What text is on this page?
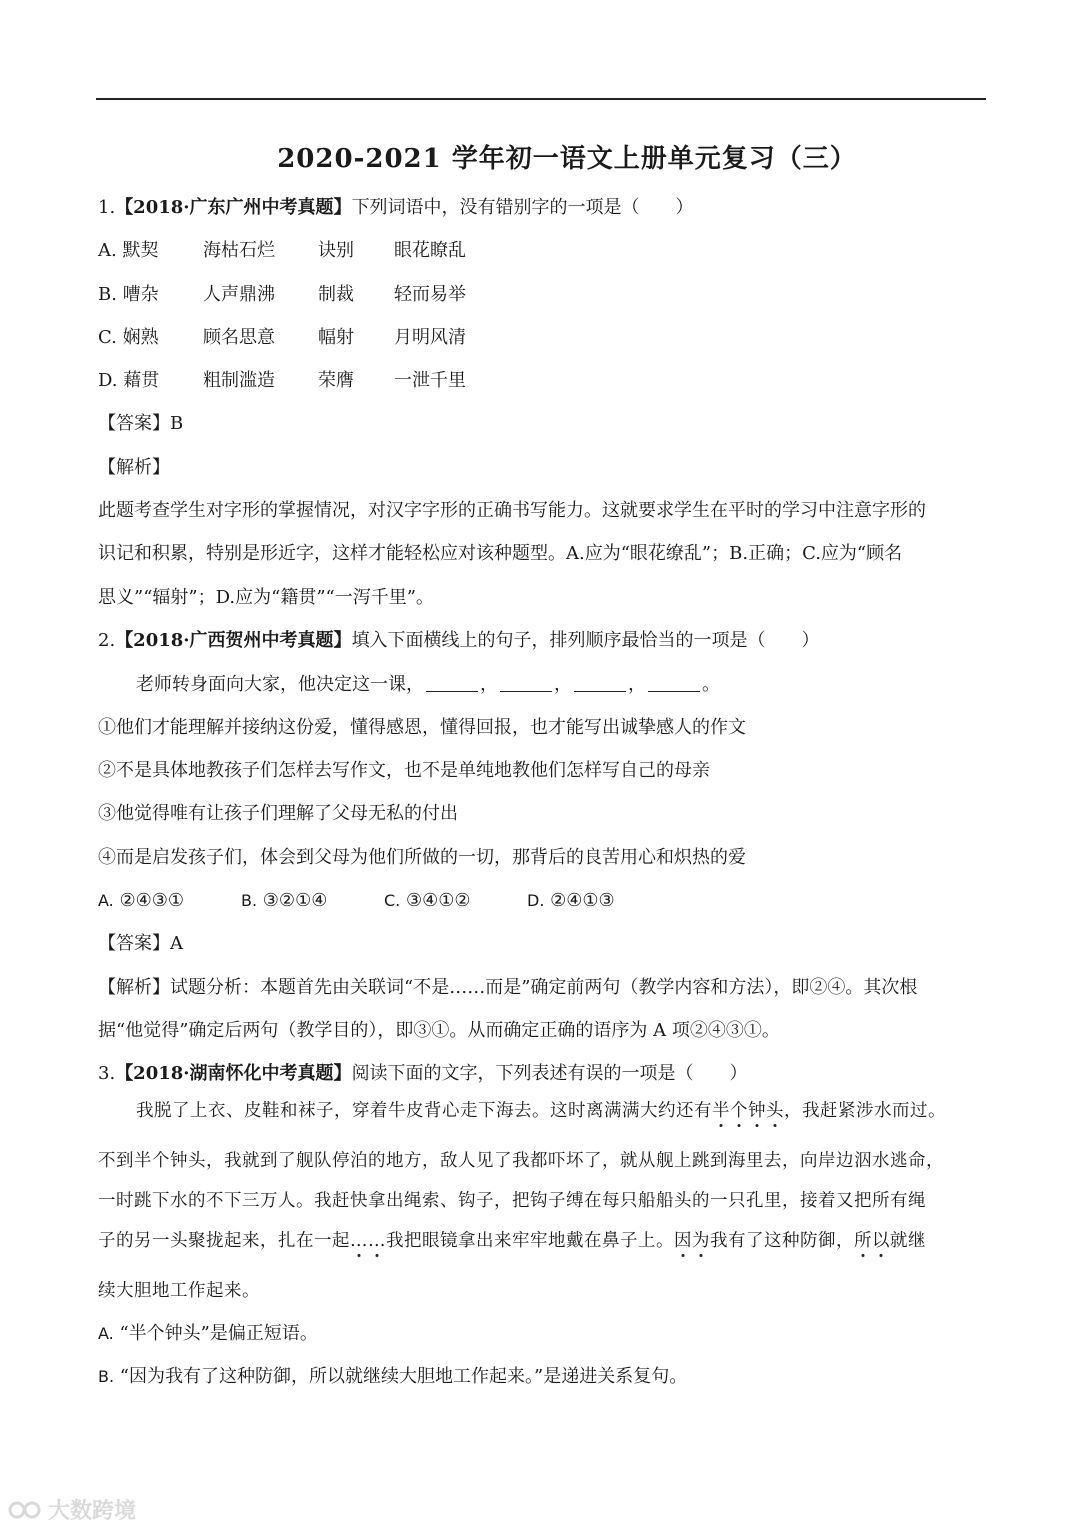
2020-2021 学年初一语文上册单元复习（三）
1.【2018·广东广州中考真题】下列词语中，没有错别字的一项是（　　）
A. 默契 海枯石烂 诀别 眼花瞭乱
B. 嘈杂 人声鼎沸 制裁 轻而易举
C. 娴熟 顾名思意 幅射 月明风清
D. 藉贯 粗制滥造 荣膺 一泄千里
【答案】B
【解析】
此题考查学生对字形的掌握情况，对汉字字形的正确书写能力。这就要求学生在平时的学习中注意字形的
识记和积累，特别是形近字，这样才能轻松应对该种题型。A.应为“眼花缭乱”；B.正确；C.应为“顾名
思义”“辐射”；D.应为“籍贯”“一泻千里”。
2.【2018·广西贺州中考真题】填入下面横线上的句子，排列顺序最恰当的一项是（　　）
老师转身面向大家，他决定这一课，	，	，	，	。
①他们才能理解并接纳这份爱，懂得感恩，懂得回报，也才能写出诚挚感人的作文
②不是具体地教孩子们怎样去写作文，也不是单纯地教他们怎样写自己的母亲
③他觉得唯有让孩子们理解了父母无私的付出
④而是启发孩子们，体会到父母为他们所做的一切，那背后的良苦用心和炽热的爱
A. ②④③①	B. ③②①④	C. ③④①②	D. ②④①③
【答案】A
【解析】试题分析：本题首先由关联词“不是……而是”确定前两句（教学内容和方法），即②④。其次根
据“他觉得”确定后两句（教学目的），即③①。从而确定正确的语序为 A 项②④③①。
3.【2018·湖南怀化中考真题】阅读下面的文字，下列表述有误的一项是（　　）
我脱了上衣、皮鞋和袜子，穿着牛皮背心走下海去。这时离满满大约还有半个钟头，我赶紧涉水而过。
不到半个钟头，我就到了舰队停泊的地方，敌人见了我都吓坏了，就从舰上跳到海里去，向岸边泅水逃命，
一时跳下水的不下三万人。我赶快拿出绳索、钩子，把钩子缚在每只船船头的一只孔里，接着又把所有绳
子的另一头聚拢起来，扎在一起……我把眼镜拿出来牢牢地戴在鼻子上。因为我有了这种防御，所以就继
续大胆地工作起来。
A. “半个钟头”是偏正短语。
B. “因为我有了这种防御，所以就继续大胆地工作起来。”是递进关系复句。
大数跨境
